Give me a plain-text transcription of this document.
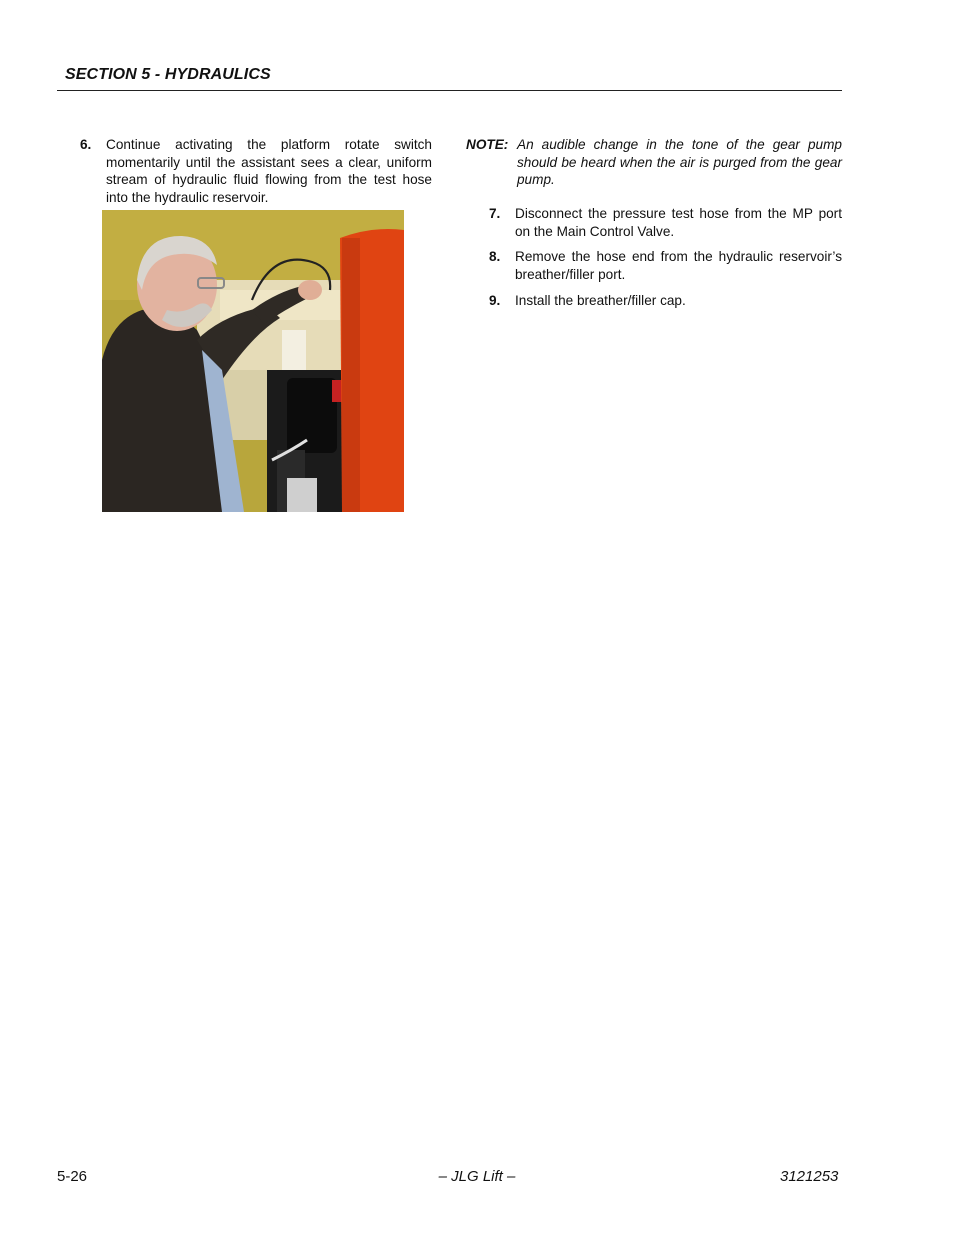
SECTION 5 - HYDRAULICS
6. Continue activating the platform rotate switch momentarily until the assistant sees a clear, uniform stream of hydraulic fluid flowing from the test hose into the hydraulic reservoir.
NOTE: An audible change in the tone of the gear pump should be heard when the air is purged from the gear pump.
7. Disconnect the pressure test hose from the MP port on the Main Control Valve.
8. Remove the hose end from the hydraulic reservoir’s breather/filler port.
9. Install the breather/filler cap.
5-26	– JLG Lift –	3121253
